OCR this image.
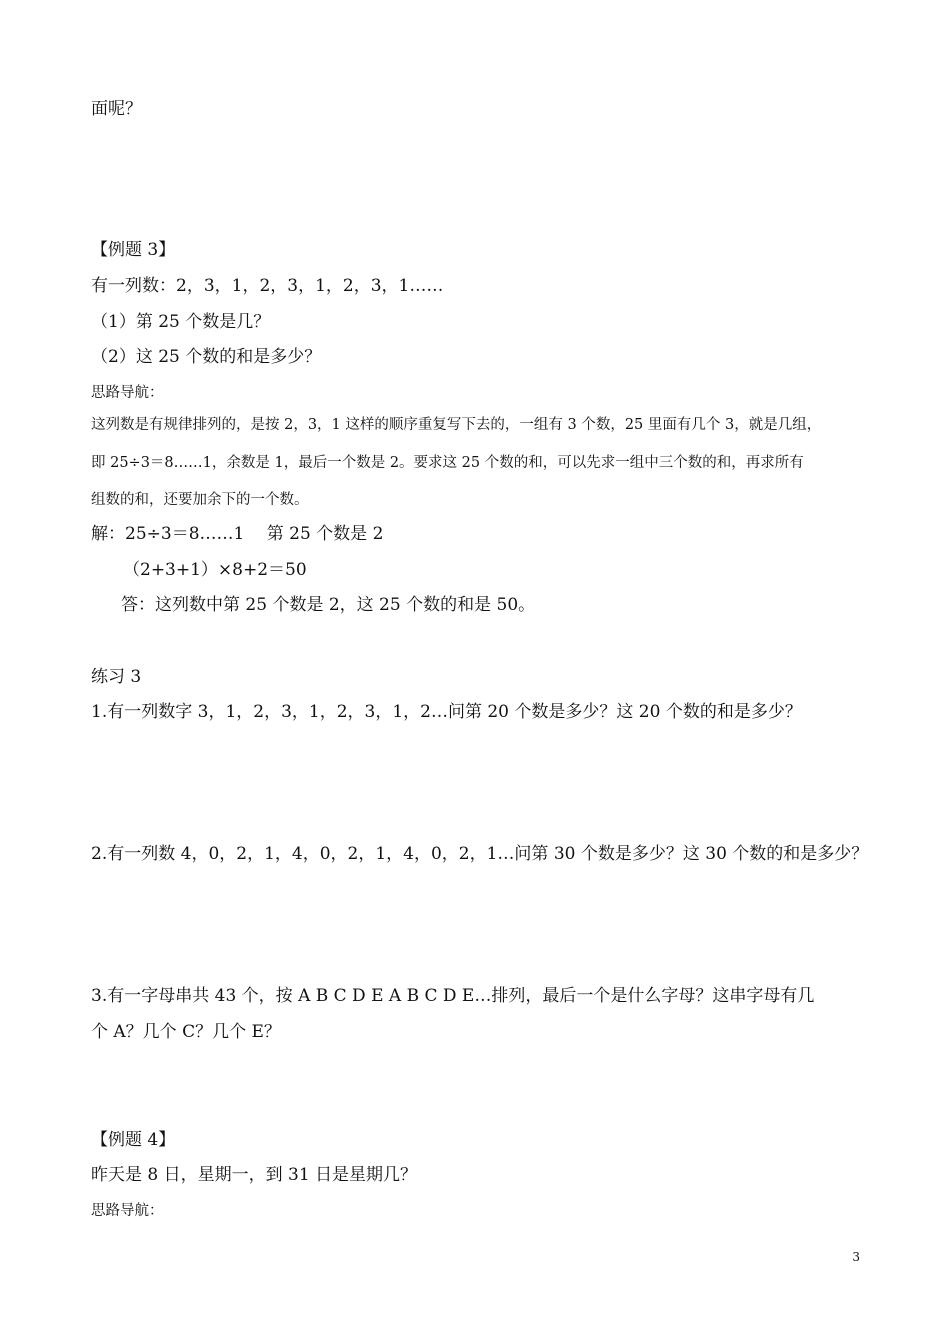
面呢？
【例题 3】
有一列数：2，3，1，2，3，1，2，3，1……
（1）第 25 个数是几？
（2）这 25 个数的和是多少？
思路导航：
这列数是有规律排列的，是按 2，3，1 这样的顺序重复写下去的，一组有 3 个数，25 里面有几个 3，就是几组，
即 25÷3＝8……1，余数是 1，最后一个数是 2。要求这 25 个数的和，可以先求一组中三个数的和，再求所有
组数的和，还要加余下的一个数。
解：25÷3＝8……1　 第 25 个数是 2
（2+3+1）×8+2＝50
答：这列数中第 25 个数是 2，这 25 个数的和是 50。
练习 3
1.有一列数字 3，1，2，3，1，2，3，1，2…问第 20 个数是多少？这 20 个数的和是多少？
2.有一列数 4，0，2，1，4，0，2，1，4，0，2，1…问第 30 个数是多少？这 30 个数的和是多少？
3.有一字母串共 43 个，按 A B C D E A B C D E…排列，最后一个是什么字母？这串字母有几
个 A？几个 C？几个 E？
【例题 4】
昨天是 8 日，星期一，到 31 日是星期几？
思路导航：
3
